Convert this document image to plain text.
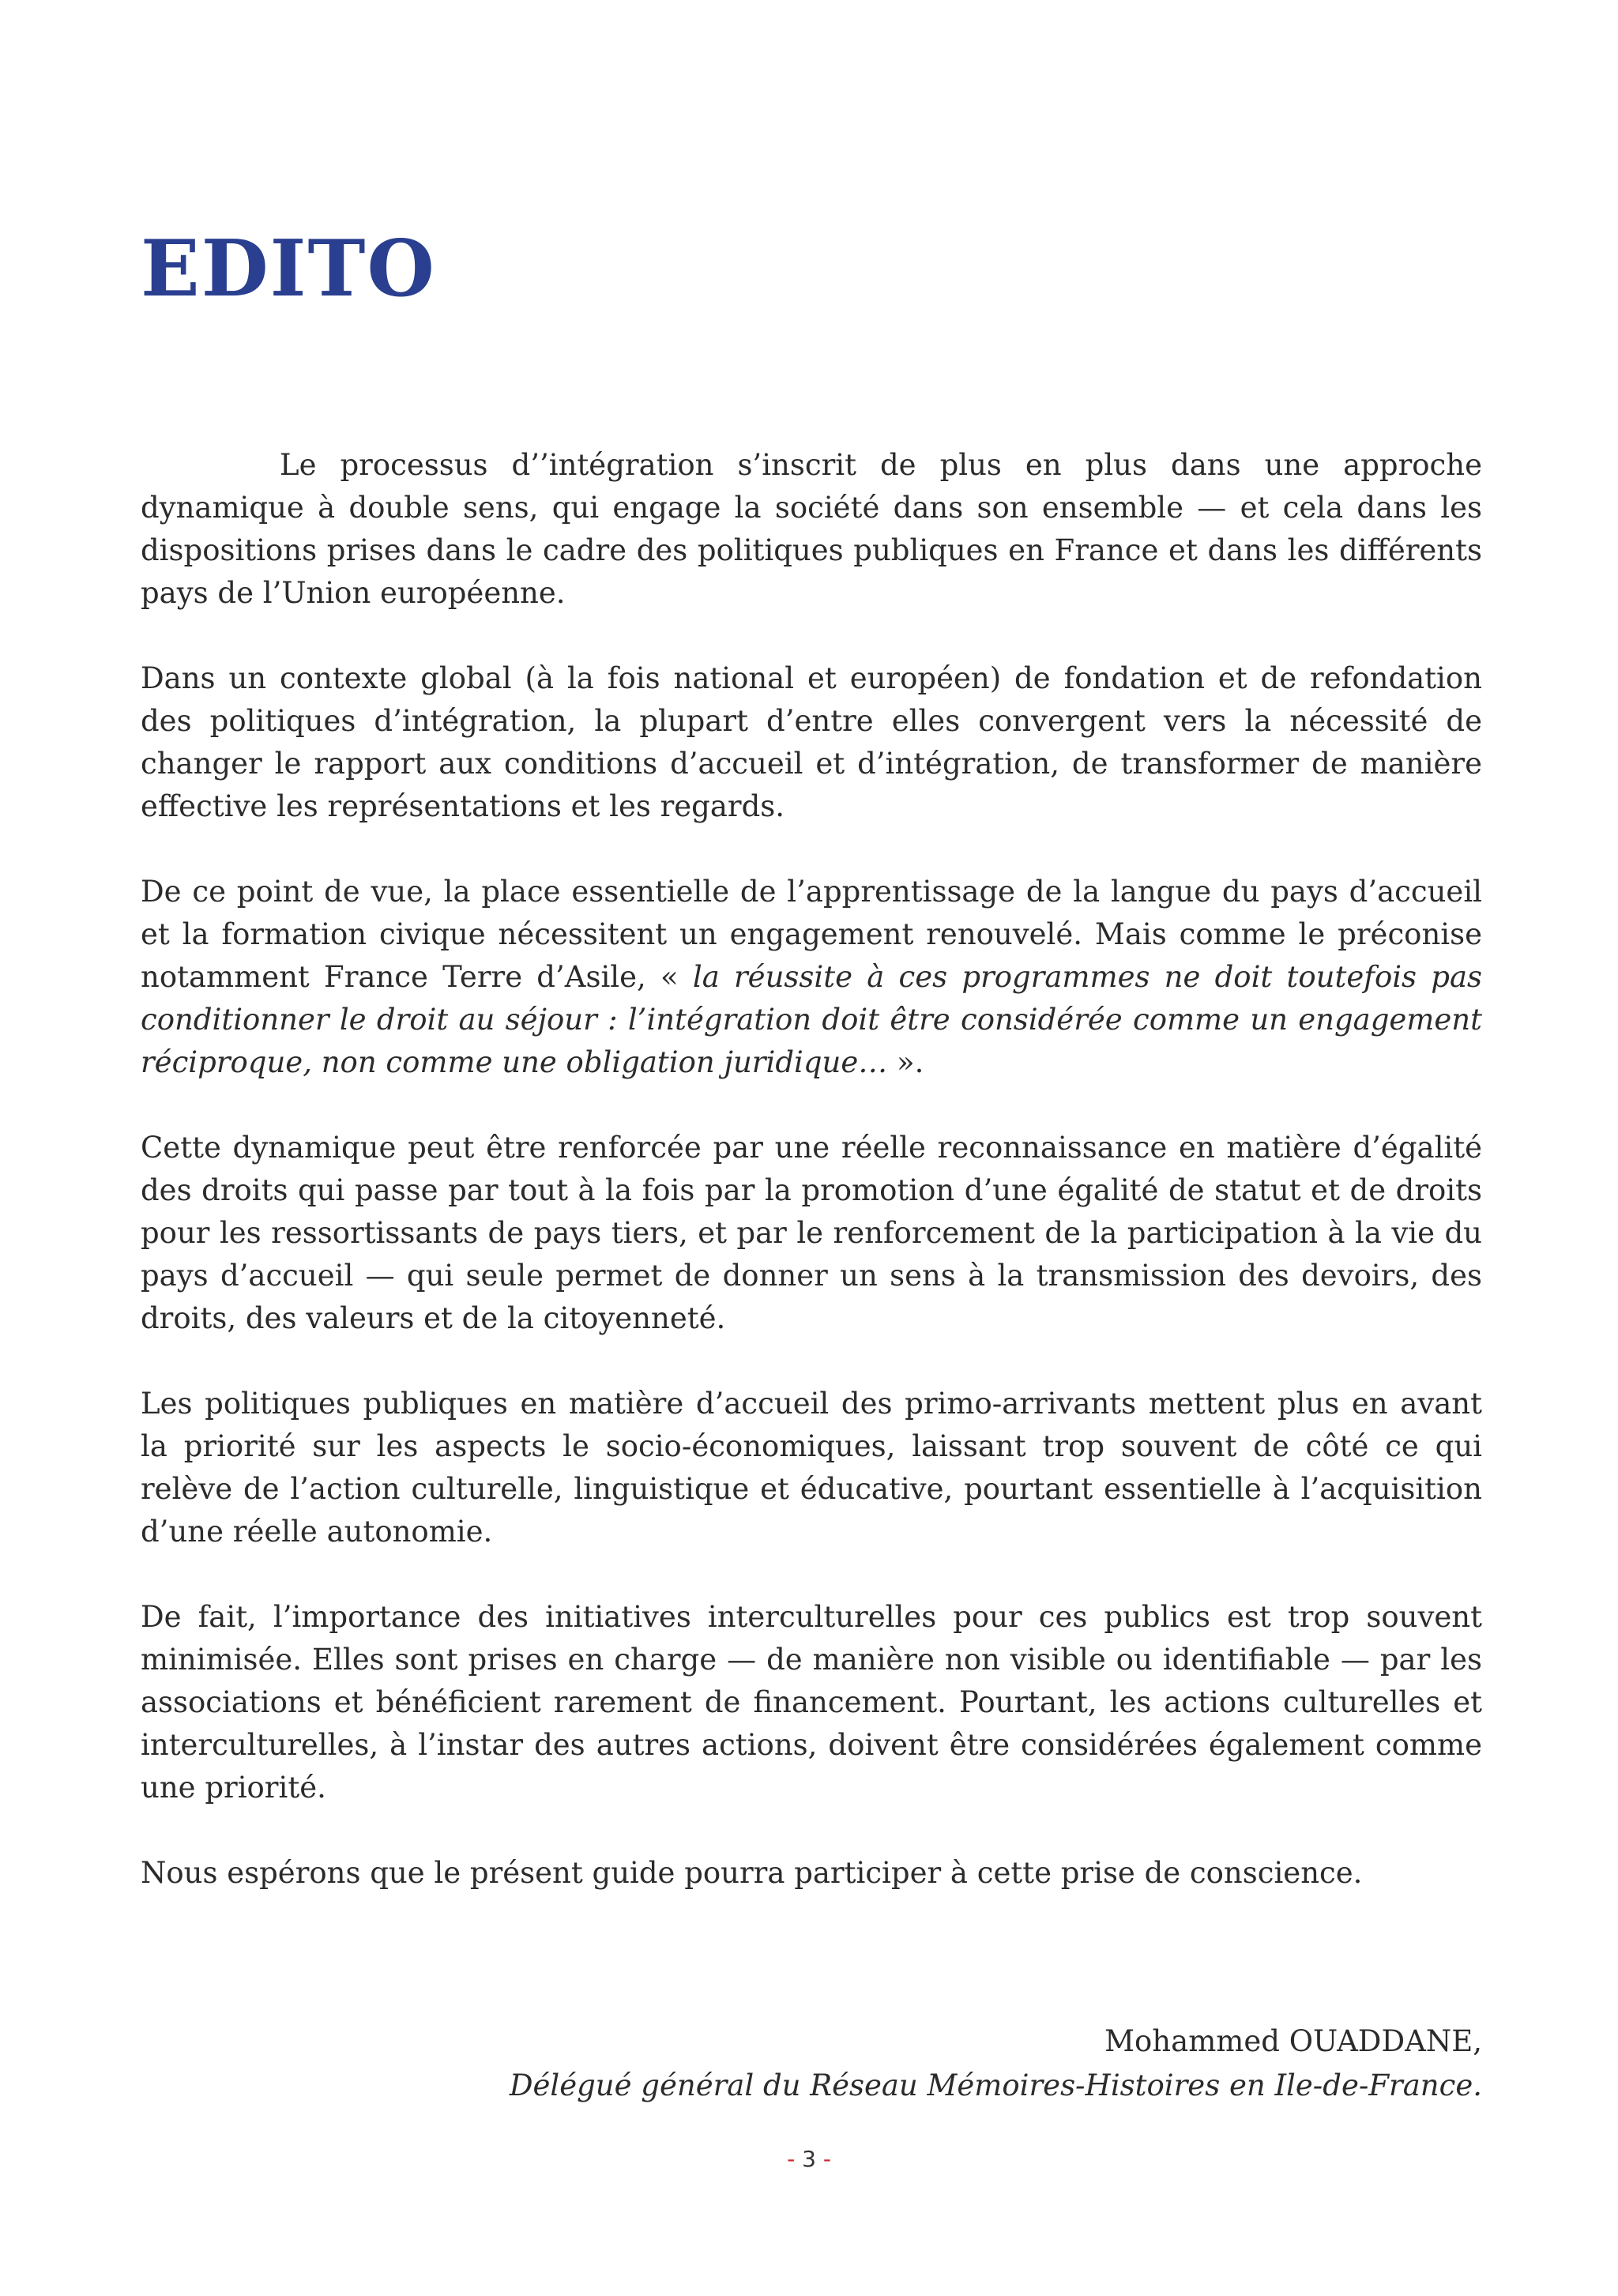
EDITO

Le processus d’’intégration s’inscrit de plus en plus dans une approche dynamique à double sens, qui engage la société dans son ensemble — et cela dans les dispositions prises dans le cadre des politiques publiques en France et dans les différents pays de l’Union européenne.

Dans un contexte global (à la fois national et européen) de fondation et de refondation des politiques d’intégration, la plupart d’entre elles convergent vers la nécessité de changer le rapport aux conditions d’accueil et d’intégration, de transformer de manière effective les représentations et les regards.

De ce point de vue, la place essentielle de l’apprentissage de la langue du pays d’accueil et la formation civique nécessitent un engagement renouvelé. Mais comme le préconise notamment France Terre d’Asile, « la réussite à ces programmes ne doit toutefois pas conditionner le droit au séjour : l’intégration doit être considérée comme un engagement réciproque, non comme une obligation juridique… ».

Cette dynamique peut être renforcée par une réelle reconnaissance en matière d’égalité des droits qui passe par tout à la fois par la promotion d’une égalité de statut et de droits pour les ressortissants de pays tiers, et par le renforcement de la participation à la vie du pays d’accueil — qui seule permet de donner un sens à la transmission des devoirs, des droits, des valeurs et de la citoyenneté.

Les politiques publiques en matière d’accueil des primo-arrivants mettent plus en avant la priorité sur les aspects le socio-économiques, laissant trop souvent de côté ce qui relève de l’action culturelle, linguistique et éducative, pourtant essentielle à l’acquisition d’une réelle autonomie.

De fait, l’importance des initiatives interculturelles pour ces publics est trop souvent minimisée. Elles sont prises en charge — de manière non visible ou identifiable — par les associations et bénéficient rarement de financement. Pourtant, les actions culturelles et interculturelles, à l’instar des autres actions, doivent être considérées également comme une priorité.

Nous espérons que le présent guide pourra participer à cette prise de conscience.

Mohammed OUADDANE,
Délégué général du Réseau Mémoires-Histoires en Ile-de-France.
- 3 -
